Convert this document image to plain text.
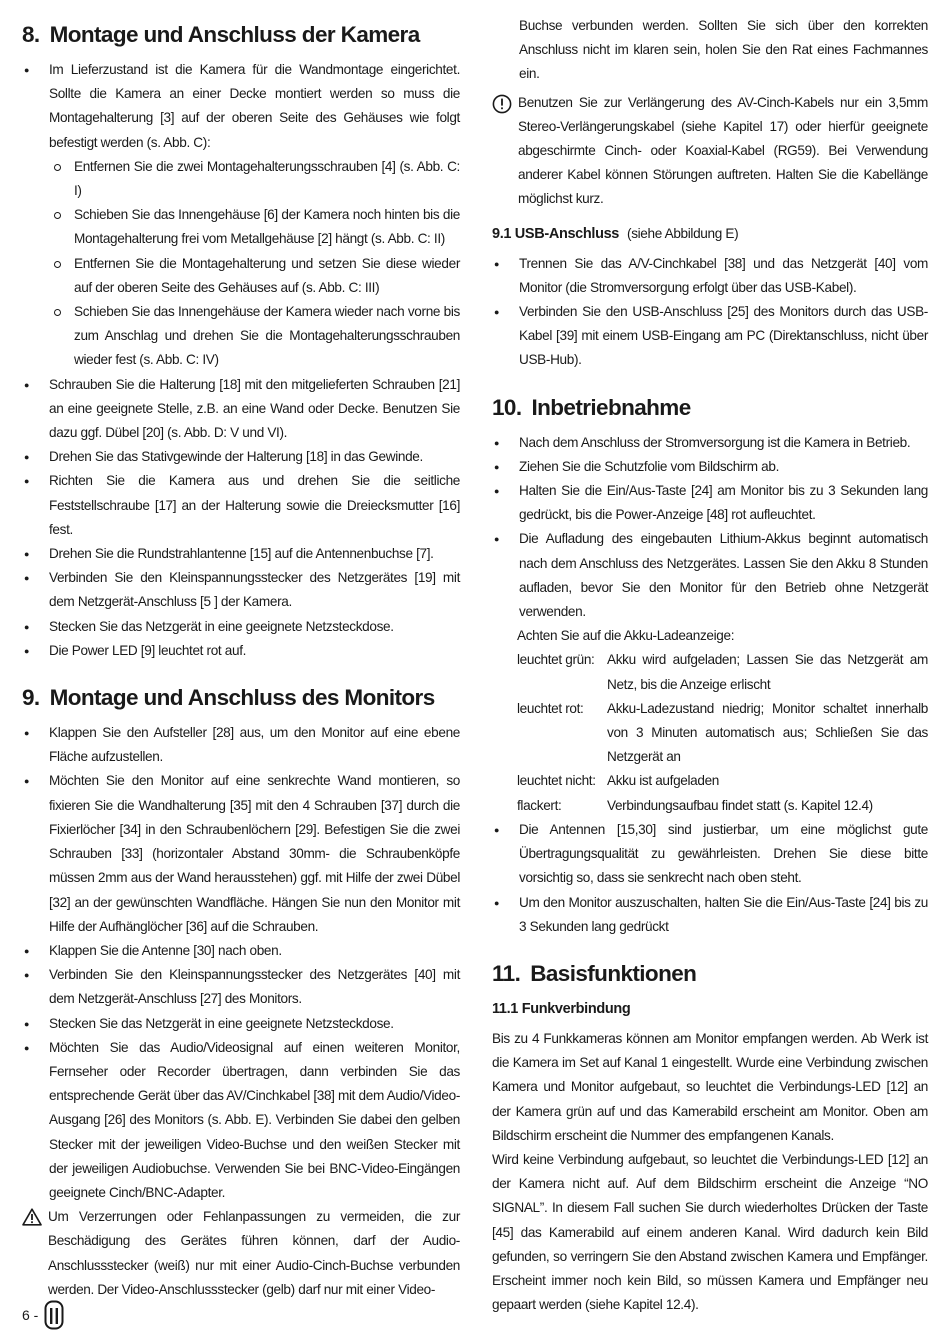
8. Montage und Anschluss der Kamera
● Im Lieferzustand ist die Kamera für die Wandmontage eingerichtet. Sollte die Kamera an einer Decke montiert werden so muss die Montagehalterung [3] auf der oberen Seite des Gehäuses wie folgt befestigt werden (s. Abb. C):
Entfernen Sie die zwei Montagehalterungsschrauben [4] (s. Abb. C: I)
Schieben Sie das Innengehäuse [6] der Kamera noch hinten bis die Montagehalterung frei vom Metallgehäuse [2] hängt (s. Abb. C: II)
Entfernen Sie die Montagehalterung und setzen Sie diese wieder auf der oberen Seite des Gehäuses auf (s. Abb. C: III)
Schieben Sie das Innengehäuse der Kamera wieder nach vorne bis zum Anschlag und drehen Sie die Montagehalterungsschrauben wieder fest (s. Abb. C: IV)
● Schrauben Sie die Halterung [18] mit den mitgelieferten Schrauben [21] an eine geeignete Stelle, z.B. an eine Wand oder Decke. Benutzen Sie dazu ggf. Dübel [20] (s. Abb. D: V und VI).
● Drehen Sie das Stativgewinde der Halterung [18] in das Gewinde.
● Richten Sie die Kamera aus und drehen Sie die seitliche Feststellschraube [17] an der Halterung sowie die Dreiecksmutter [16] fest.
● Drehen Sie die Rundstrahlantenne [15] auf die Antennenbuchse [7].
● Verbinden Sie den Kleinspannungsstecker des Netzgerätes [19] mit dem Netzgerät-Anschluss [5 ] der Kamera.
● Stecken Sie das Netzgerät in eine geeignete Netzsteckdose.
● Die Power LED [9] leuchtet rot auf.
9. Montage und Anschluss des Monitors
● Klappen Sie den Aufsteller [28] aus, um den Monitor auf eine ebene Fläche aufzustellen.
● Möchten Sie den Monitor auf eine senkrechte Wand montieren, so fixieren Sie die Wandhalterung [35] mit den 4 Schrauben [37] durch die Fixierlöcher [34] in den Schraubenlöchern [29]. Befestigen Sie die zwei Schrauben [33] (horizontaler Abstand 30mm- die Schraubenköpfe müssen 2mm aus der Wand herausstehen) ggf. mit Hilfe der zwei Dübel [32] an der gewünschten Wandfläche. Hängen Sie nun den Monitor mit Hilfe der Aufhänglöcher [36] auf die Schrauben.
● Klappen Sie die Antenne [30] nach oben.
● Verbinden Sie den Kleinspannungsstecker des Netzgerätes [40] mit dem Netzgerät-Anschluss [27] des Monitors.
● Stecken Sie das Netzgerät in eine geeignete Netzsteckdose.
● Möchten Sie das Audio/Videosignal auf einen weiteren Monitor, Fernseher oder Recorder übertragen, dann verbinden Sie das entsprechende Gerät über das AV/Cinchkabel [38] mit dem Audio/Video-Ausgang [26] des Monitors (s. Abb. E). Verbinden Sie dabei den gelben Stecker mit der jeweiligen Video-Buchse und den weißen Stecker mit der jeweiligen Audiobuchse. Verwenden Sie bei BNC-Video-Eingängen geeignete Cinch/BNC-Adapter.
Um Verzerrungen oder Fehlanpassungen zu vermeiden, die zur Beschädigung des Gerätes führen können, darf der Audio-Anschlussstecker (weiß) nur mit einer Audio-Cinch-Buchse verbunden werden. Der Video-Anschlussstecker (gelb) darf nur mit einer Video-
Buchse verbunden werden. Sollten Sie sich über den korrekten Anschluss nicht im klaren sein, holen Sie den Rat eines Fachmannes ein.
Benutzen Sie zur Verlängerung des AV-Cinch-Kabels nur ein 3,5mm Stereo-Verlängerungskabel (siehe Kapitel 17) oder hierfür geeignete abgeschirmte Cinch- oder Koaxial-Kabel (RG59). Bei Verwendung anderer Kabel können Störungen auftreten. Halten Sie die Kabellänge möglichst kurz.
9.1 USB-Anschluss (siehe Abbildung E)
● Trennen Sie das A/V-Cinchkabel [38] und das Netzgerät [40] vom Monitor (die Stromversorgung erfolgt über das USB-Kabel).
● Verbinden Sie den USB-Anschluss [25] des Monitors durch das USB-Kabel [39] mit einem USB-Eingang am PC (Direktanschluss, nicht über USB-Hub).
10. Inbetriebnahme
● Nach dem Anschluss der Stromversorgung ist die Kamera in Betrieb.
● Ziehen Sie die Schutzfolie vom Bildschirm ab.
● Halten Sie die Ein/Aus-Taste [24] am Monitor bis zu 3 Sekunden lang gedrückt, bis die Power-Anzeige [48] rot aufleuchtet.
● Die Aufladung des eingebauten Lithium-Akkus beginnt automatisch nach dem Anschluss des Netzgerätes. Lassen Sie den Akku 8 Stunden aufladen, bevor Sie den Monitor für den Betrieb ohne Netzgerät verwenden.
Achten Sie auf die Akku-Ladeanzeige:
leuchtet grün: Akku wird aufgeladen; Lassen Sie das Netzgerät am Netz, bis die Anzeige erlischt
leuchtet rot:	Akku-Ladezustand niedrig; Monitor schaltet innerhalb von 3 Minuten automatisch aus; Schließen Sie das Netzgerät an
leuchtet nicht: Akku ist aufgeladen
flackert:	Verbindungsaufbau findet statt (s. Kapitel 12.4)
● Die Antennen [15,30] sind justierbar, um eine möglichst gute Übertragungsqualität zu gewährleisten. Drehen Sie diese bitte vorsichtig so, dass sie senkrecht nach oben steht.
● Um den Monitor auszuschalten, halten Sie die Ein/Aus-Taste [24] bis zu 3 Sekunden lang gedrückt
11. Basisfunktionen
11.1 Funkverbindung

Bis zu 4 Funkkameras können am Monitor empfangen werden. Ab Werk ist die Kamera im Set auf Kanal 1 eingestellt. Wurde eine Verbindung zwischen Kamera und Monitor aufgebaut, so leuchtet die Verbindungs-LED [12] an der Kamera grün auf und das Kamerabild erscheint am Monitor. Oben am Bildschirm erscheint die Nummer des empfangenen Kanals.

Wird keine Verbindung aufgebaut, so leuchtet die Verbindungs-LED [12] an der Kamera nicht auf. Auf dem Bildschirm erscheint die Anzeige “NO SIGNAL”. In diesem Fall suchen Sie durch wiederholtes Drücken der Taste [45] das Kamerabild auf einem anderen Kanal. Wird dadurch kein Bild gefunden, so verringern Sie den Abstand zwischen Kamera und Empfänger. Erscheint immer noch kein Bild, so müssen Kamera und Empfänger neu gepaart werden (siehe Kapitel 12.4).

6 -
